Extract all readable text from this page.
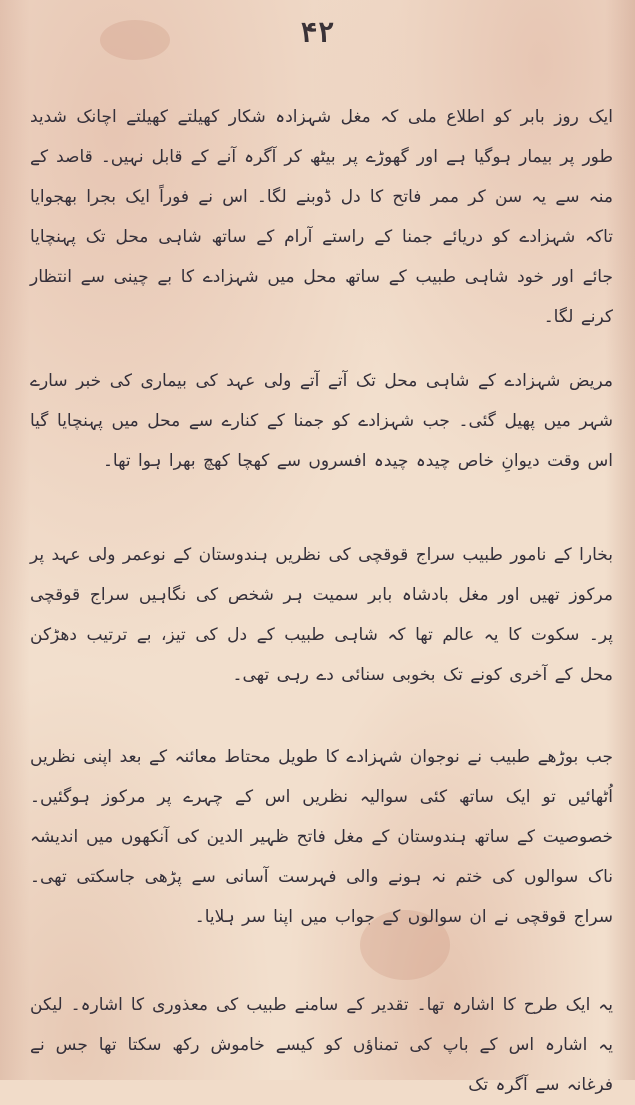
۴۲

ایک روز بابر کو اطلاع ملی کہ مغل شہزادہ شکار کھیلتے کھیلتے اچانک شدید طور پر بیمار ہوگیا ہے اور گھوڑے پر بیٹھ کر آگرہ آنے کے قابل نہیں۔ قاصد کے منہ سے یہ سن کر ممر فاتح کا دل ڈوبنے لگا۔ اس نے فوراً ایک بجرا بھجوایا تاکہ شہزادے کو دریائے جمنا کے راستے آرام کے ساتھ شاہی محل تک پہنچایا جائے اور خود شاہی طبیب کے ساتھ محل میں شہزادے کا بے چینی سے انتظار کرنے لگا۔

مریض شہزادے کے شاہی محل تک آتے آتے ولی عہد کی بیماری کی خبر سارے شہر میں پھیل گئی۔ جب شہزادے کو جمنا کے کنارے سے محل میں پہنچایا گیا اس وقت دیوانِ خاص چیدہ چیدہ افسروں سے کھچا کھچ بھرا ہوا تھا۔

بخارا کے نامور طبیب سراج قوقچی کی نظریں ہندوستان کے نوعمر ولی عہد پر مرکوز تھیں اور مغل بادشاہ بابر سمیت ہر شخص کی نگاہیں سراج قوقچی پر۔ سکوت کا یہ عالم تھا کہ شاہی طبیب کے دل کی تیز، بے ترتیب دھڑکن محل کے آخری کونے تک بخوبی سنائی دے رہی تھی۔

جب بوڑھے طبیب نے نوجوان شہزادے کا طویل محتاط معائنہ کے بعد اپنی نظریں اُٹھائیں تو ایک ساتھ کئی سوالیہ نظریں اس کے چہرے پر مرکوز ہوگئیں۔ خصوصیت کے ساتھ ہندوستان کے مغل فاتح ظہیر الدین کی آنکھوں میں اندیشہ ناک سوالوں کی ختم نہ ہونے والی فہرست آسانی سے پڑھی جاسکتی تھی۔ سراج قوقچی نے ان سوالوں کے جواب میں اپنا سر ہلایا۔

یہ ایک طرح کا اشارہ تھا۔ تقدیر کے سامنے طبیب کی معذوری کا اشارہ۔ لیکن یہ اشارہ اس کے باپ کی تمناؤں کو کیسے خاموش رکھ سکتا تھا جس نے فرغانہ سے آگرہ تک
